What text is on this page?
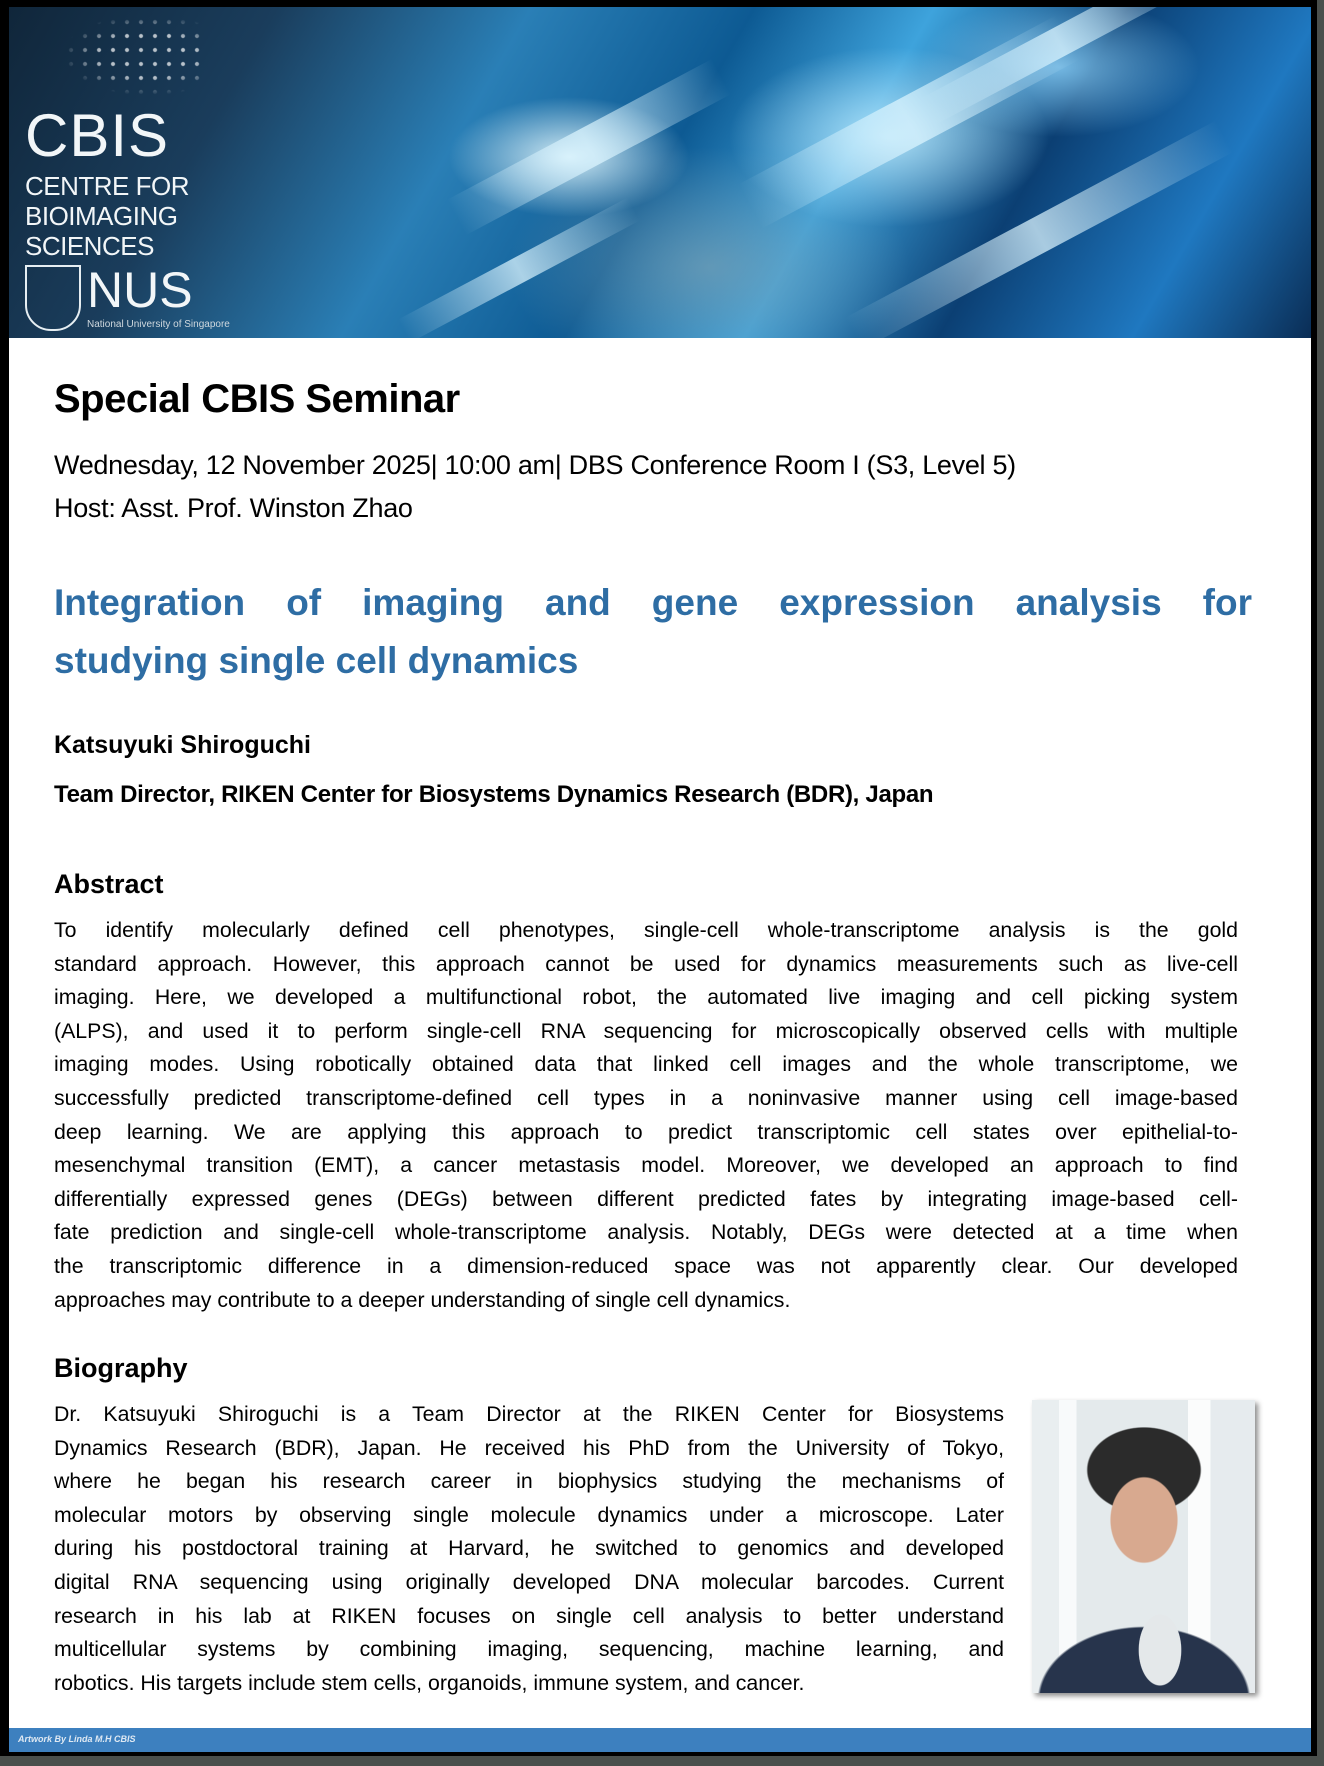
CBIS
CENTRE FOR
BIOIMAGING
SCIENCES
NUS
National University of Singapore
Special CBIS Seminar
Wednesday, 12 November 2025| 10:00 am| DBS Conference Room I (S3, Level 5)
Host: Asst. Prof. Winston Zhao
Integration of imaging and gene expression analysis for
studying single cell dynamics
Katsuyuki Shiroguchi
Team Director, RIKEN Center for Biosystems Dynamics Research (BDR), Japan
Abstract
To identify molecularly defined cell phenotypes, single-cell whole-transcriptome analysis is the gold
standard approach. However, this approach cannot be used for dynamics measurements such as live-cell
imaging. Here, we developed a multifunctional robot, the automated live imaging and cell picking system
(ALPS), and used it to perform single-cell RNA sequencing for microscopically observed cells with multiple
imaging modes. Using robotically obtained data that linked cell images and the whole transcriptome, we
successfully predicted transcriptome-defined cell types in a noninvasive manner using cell image-based
deep learning. We are applying this approach to predict transcriptomic cell states over epithelial-to-
mesenchymal transition (EMT), a cancer metastasis model. Moreover, we developed an approach to find
differentially expressed genes (DEGs) between different predicted fates by integrating image-based cell-
fate prediction and single-cell whole-transcriptome analysis. Notably, DEGs were detected at a time when
the transcriptomic difference in a dimension-reduced space was not apparently clear. Our developed
approaches may contribute to a deeper understanding of single cell dynamics.
Biography
Dr. Katsuyuki Shiroguchi is a Team Director at the RIKEN Center for Biosystems
Dynamics Research (BDR), Japan. He received his PhD from the University of Tokyo,
where he began his research career in biophysics studying the mechanisms of
molecular motors by observing single molecule dynamics under a microscope. Later
during his postdoctoral training at Harvard, he switched to genomics and developed
digital RNA sequencing using originally developed DNA molecular barcodes. Current
research in his lab at RIKEN focuses on single cell analysis to better understand
multicellular systems by combining imaging, sequencing, machine learning, and
robotics. His targets include stem cells, organoids, immune system, and cancer.
Artwork By Linda M.H CBIS
